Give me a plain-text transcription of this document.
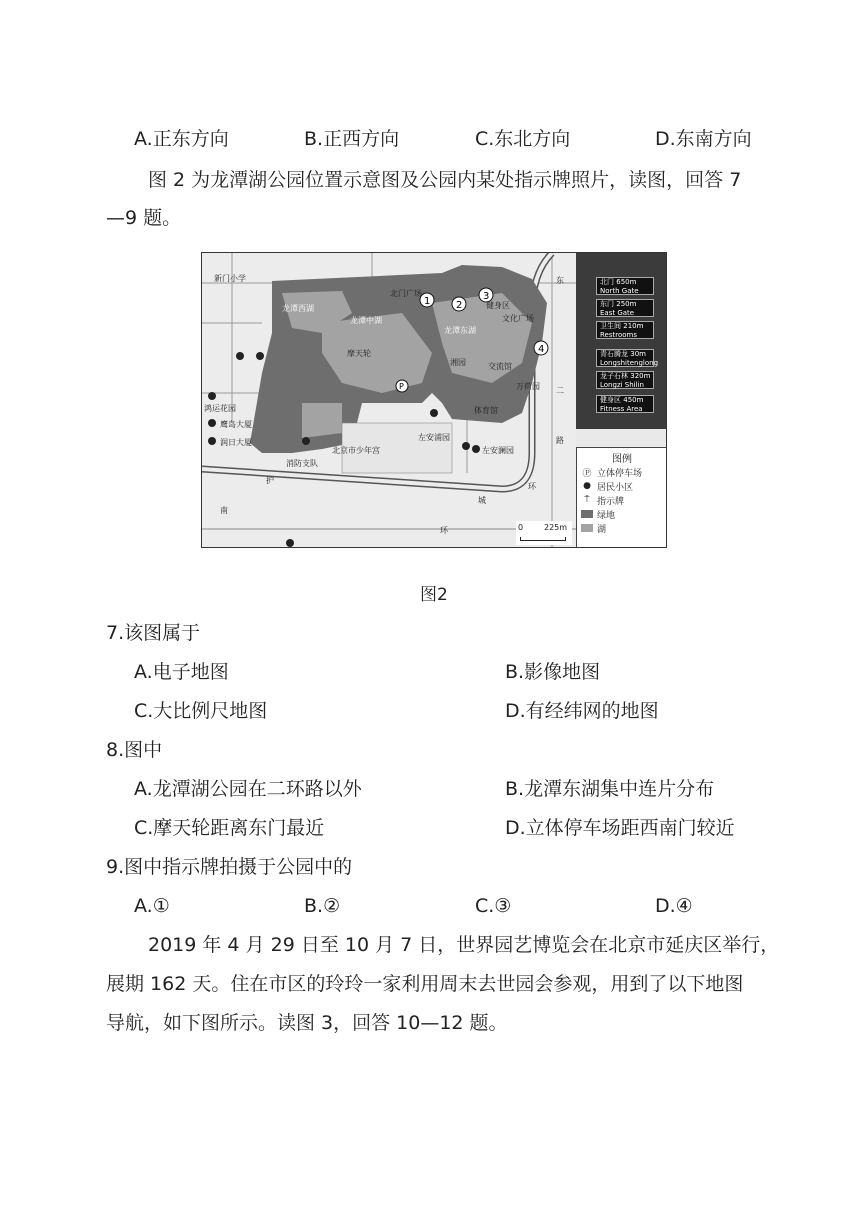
A.正东方向	B.正西方向	C.东北方向	D.东南方向
图 2 为龙潭湖公园位置示意图及公园内某处指示牌照片，读图，回答 7
—9 题。
1	2
3
4
P
新门小学
龙潭西湖
龙潭中湖
龙潭东湖
摩天轮
北门广场
文化广场
健身区
湘园	交流馆
万荷园
体育馆
左安浦园
左安澜园
鸿运花园
鹰岛大厦
润日大厦
消防支队
北京市少年宫
护
南
环
城
环
东
二
路
北门 650m
North Gate
东门 250m
East Gate
卫生间 210m
Restrooms
青石腾龙 30m
Longshitenglong
龙子石林 320m
Longzi Shilin
健身区 450m
Fitness Area
图例
Ⓟ 立体停车场
● 居民小区
⍑ 指示牌
绿地
湖
0	225m
图2
7.该图属于
A.电子地图	B.影像地图
C.大比例尺地图	D.有经纬网的地图
8.图中
A.龙潭湖公园在二环路以外	B.龙潭东湖集中连片分布
C.摩天轮距离东门最近	D.立体停车场距西南门较近
9.图中指示牌拍摄于公园中的
A.①	B.②	C.③	D.④
2019 年 4 月 29 日至 10 月 7 日，世界园艺博览会在北京市延庆区举行，
展期 162 天。住在市区的玲玲一家利用周末去世园会参观，用到了以下地图
导航，如下图所示。读图 3，回答 10—12 题。
